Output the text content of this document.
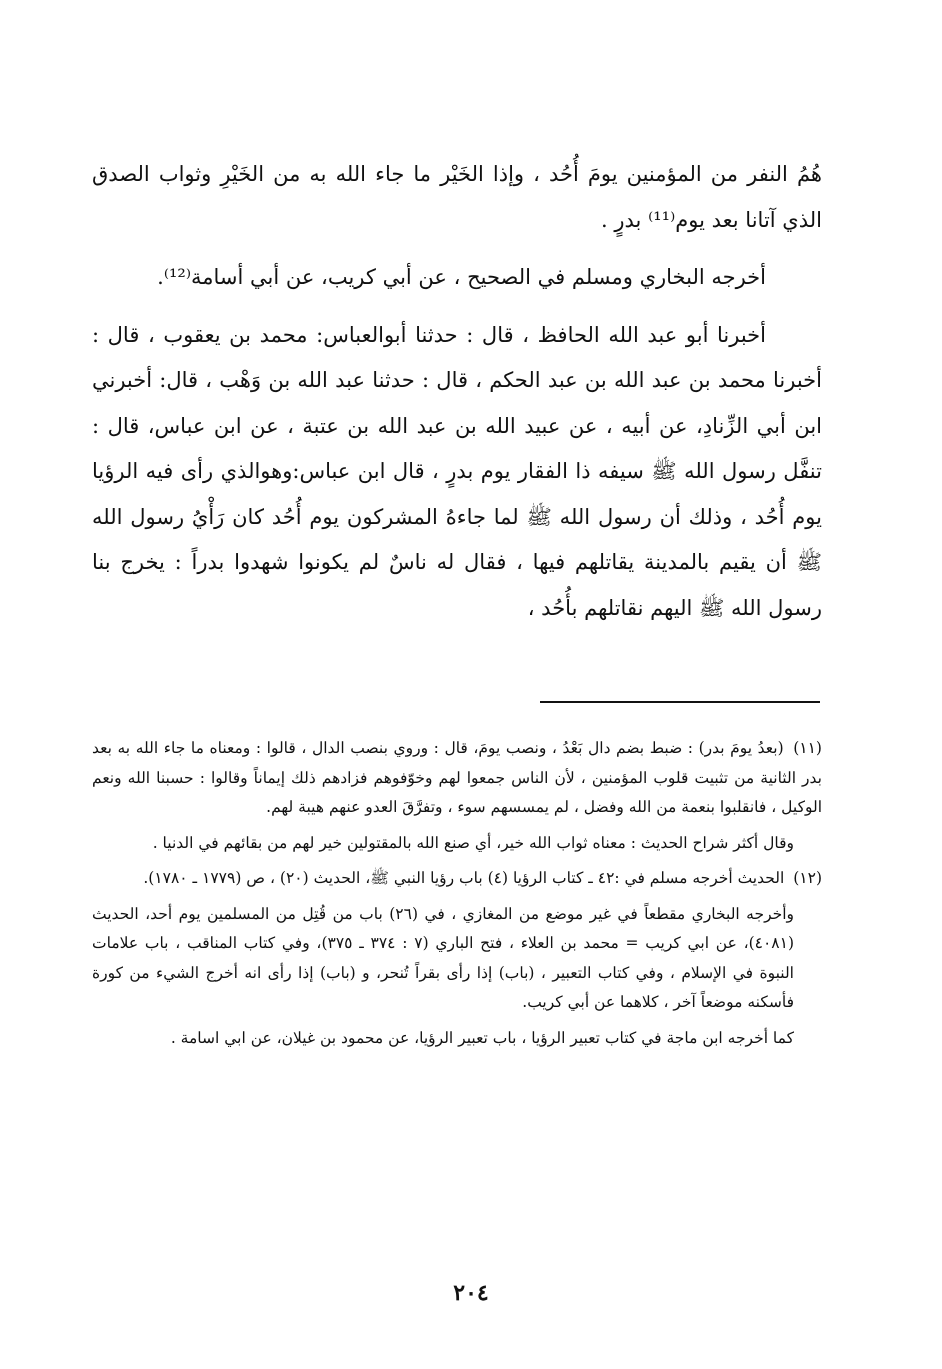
هُمُ النفر من المؤمنين يومَ أُحُد ، وإذا الخَيْر ما جاء الله به من الخَيْرِ وثواب الصدق الذي آتانا بعد يوم⁽¹¹⁾ بدرٍ .

أخرجه البخاري ومسلم في الصحيح ، عن أبي كريب، عن أبي أسامة⁽¹²⁾.

أخبرنا أبو عبد الله الحافظ ، قال : حدثنا أبوالعباس: محمد بن يعقوب ، قال : أخبرنا محمد بن عبد الله بن عبد الحكم ، قال : حدثنا عبد الله بن وَهْب ، قال: أخبرني ابن أبي الزِّنادِ، عن أبيه ، عن عبيد الله بن عبد الله بن عتبة ، عن ابن عباس، قال : تنفَّل رسول الله ﷺ سيفه ذا الفقار يوم بدرٍ ، قال ابن عباس:وهوالذي رأى فيه الرؤيا يوم أُحُد ، وذلك أن رسول الله ﷺ لما جاءهُ المشركون يوم أُحُد كان رَأْيُ رسول الله ﷺ أن يقيم بالمدينة يقاتلهم فيها ، فقال له ناسٌ لم يكونوا شهدوا بدراً : يخرج بنا رسول الله ﷺ اليهم نقاتلهم بأُحُد ،

(١١) (بعدُ يومَ بدر) : ضبط بضم دال بَعْدُ ، ونصب يومَ، قال : وروي بنصب الدال ، قالوا : ومعناه ما جاء الله به بعد بدر الثانية من تثبيت قلوب المؤمنين ، لأن الناس جمعوا لهم وخوّفوهم فزادهم ذلك إيماناً وقالوا : حسبنا الله ونعم الوكيل ، فانقلبوا بنعمة من الله وفضل ، لم يمسسهم سوء ، وتفرَّقَ العدو عنهم هيبة لهم.

وقال أكثر شراح الحديث : معناه ثواب الله خير، أي صنع الله بالمقتولين خير لهم من بقائهم في الدنيا .

(١٢) الحديث أخرجه مسلم في :٤٢ ـ كتاب الرؤيا (٤) باب رؤيا النبي ﷺ، الحديث (٢٠) ، ص (١٧٧٩ ـ ١٧٨٠).

وأخرجه البخاري مقطعاً في غير موضع من المغازي ، في (٢٦) باب من قُتِل من المسلمين يوم أحد، الحديث (٤٠٨١)، عن ابي كريب = محمد بن العلاء ، فتح الباري (٧ : ٣٧٤ ـ ٣٧٥)، وفي كتاب المناقب ، باب علامات النبوة في الإسلام ، وفي كتاب التعبير ، (باب) إذا رأى بقراً تُنحر، و (باب) إذا رأى انه أخرج الشيء من كورة فأسكنه موضعاً آخر ، كلاهما عن أبي كريب.

كما أخرجه ابن ماجة في كتاب تعبير الرؤيا ، باب تعبير الرؤيا، عن محمود بن غيلان، عن ابي اسامة .

٢٠٤
